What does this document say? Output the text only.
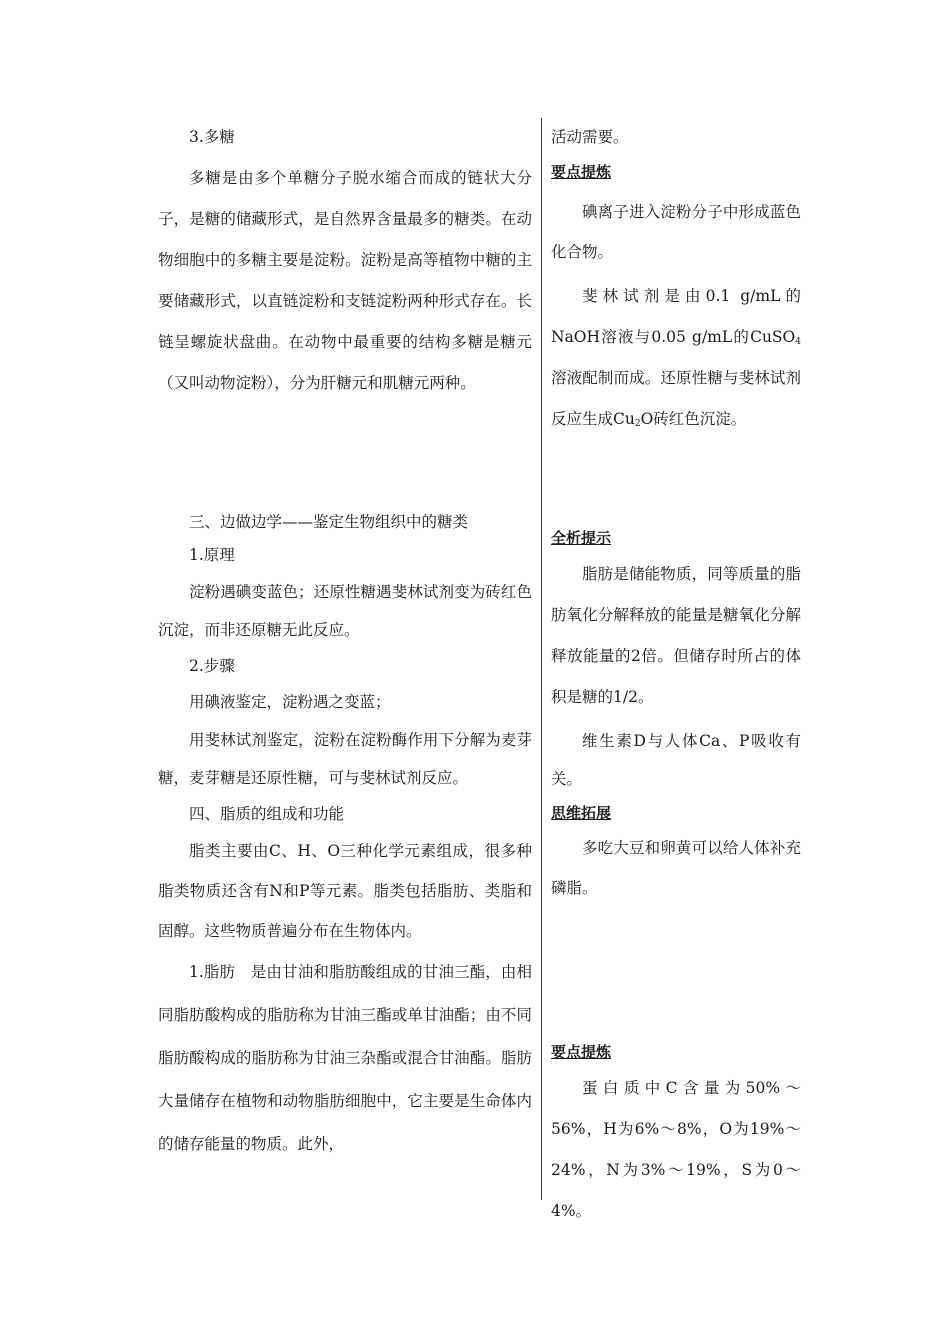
3.多糖

多糖是由多个单糖分子脱水缩合而成的链状大分子，是糖的储藏形式，是自然界含量最多的糖类。在动物细胞中的多糖主要是淀粉。淀粉是高等植物中糖的主要储藏形式，以直链淀粉和支链淀粉两种形式存在。长链呈螺旋状盘曲。在动物中最重要的结构多糖是糖元（又叫动物淀粉），分为肝糖元和肌糖元两种。

三、边做边学——鉴定生物组织中的糖类

1.原理

淀粉遇碘变蓝色；还原性糖遇斐林试剂变为砖红色沉淀，而非还原糖无此反应。

2.步骤

用碘液鉴定，淀粉遇之变蓝；

用斐林试剂鉴定，淀粉在淀粉酶作用下分解为麦芽糖，麦芽糖是还原性糖，可与斐林试剂反应。

四、脂质的组成和功能

脂类主要由C、H、O三种化学元素组成，很多种脂类物质还含有N和P等元素。脂类包括脂肪、类脂和固醇。这些物质普遍分布在生物体内。

1.脂肪　是由甘油和脂肪酸组成的甘油三酯，由相同脂肪酸构成的脂肪称为甘油三酯或单甘油酯；由不同脂肪酸构成的脂肪称为甘油三杂酯或混合甘油酯。脂肪大量储存在植物和动物脂肪细胞中，它主要是生命体内的储存能量的物质。此外，

活动需要。

要点提炼

碘离子进入淀粉分子中形成蓝色化合物。

斐林试剂是由0.1 g/mL的NaOH溶液与0.05 g/mL的CuSO$_4$溶液配制而成。还原性糖与斐林试剂反应生成$Cu_2O$砖红色沉淀。

全析提示

脂肪是储能物质，同等质量的脂肪氧化分解释放的能量是糖氧化分解释放能量的2倍。但储存时所占的体积是糖的1/2。

维生素D与人体Ca、P吸收有关。

思维拓展

多吃大豆和卵黄可以给人体补充磷脂。

要点提炼

蛋白质中C含量为50%～56%，H为6%～8%，O为19%～24%，N为3%～19%，S为0～4%。
